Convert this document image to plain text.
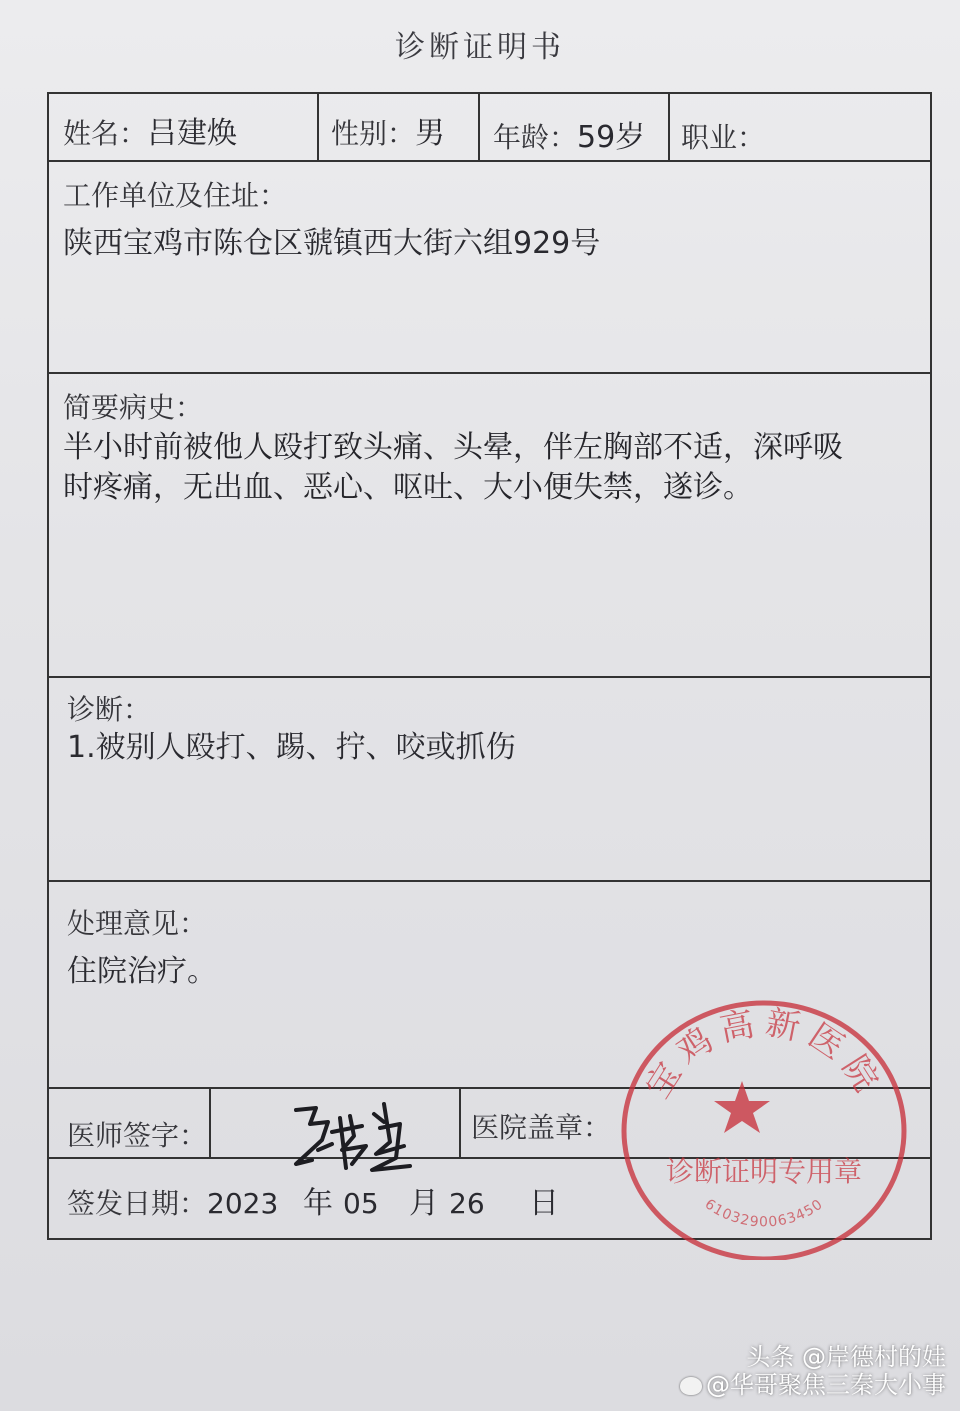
诊断证明书
姓名：吕建焕	性别：男 年龄：59岁 职业：
工作单位及住址：
陕西宝鸡市陈仓区虢镇西大街六组929号
简要病史：
半小时前被他人殴打致头痛、头晕，伴左胸部不适，深呼吸
时疼痛，无出血、恶心、呕吐、大小便失禁，遂诊。
诊断：
1.被别人殴打、踢、拧、咬或抓伤
处理意见：
住院治疗。
医师签字：	医院盖章：
签发日期：2023 年 05 月 26 日
宝鸡高新医院
诊断证明专用章
6103290063450
头条 @岸德村的娃
@华哥聚焦三秦大小事
